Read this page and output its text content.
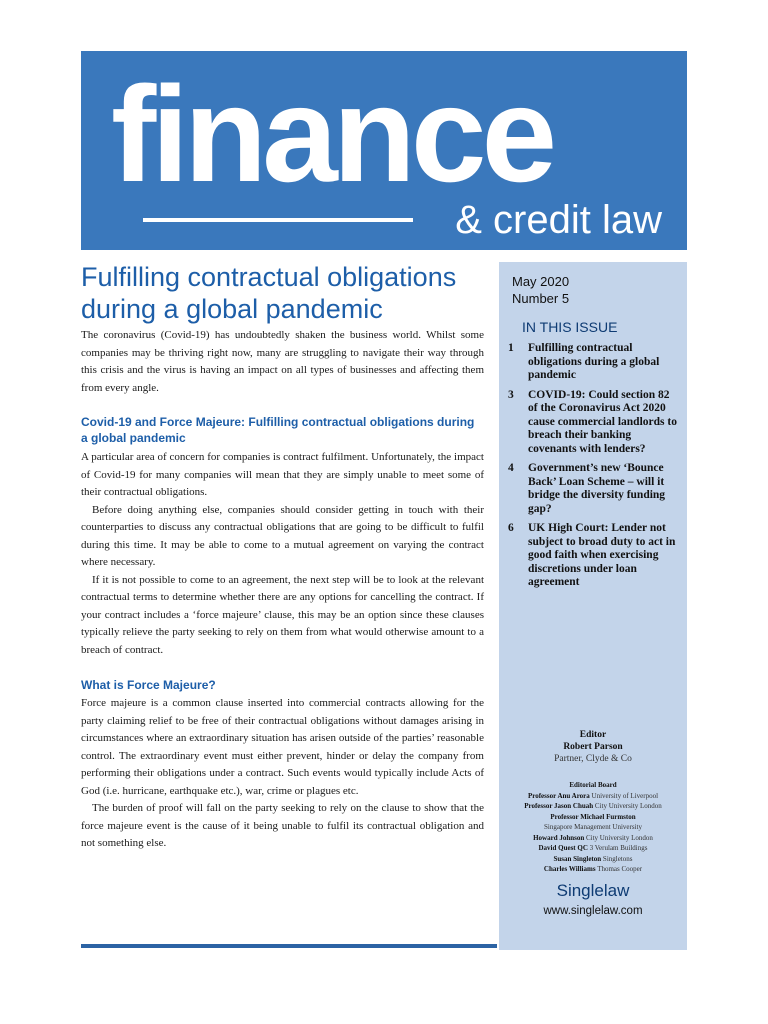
finance
& credit law
Fulfilling contractual obligations during a global pandemic

The coronavirus (Covid-19) has undoubtedly shaken the business world. Whilst some companies may be thriving right now, many are struggling to navigate their way through this crisis and the virus is having an impact on all types of businesses and affecting them from every angle.

Covid-19 and Force Majeure: Fulfilling contractual obligations during a global pandemic

A particular area of concern for companies is contract fulfilment. Unfortunately, the impact of Covid-19 for many companies will mean that they are simply unable to meet some of their contractual obligations.

Before doing anything else, companies should consider getting in touch with their counterparties to discuss any contractual obligations that are going to be difficult to fulfil during this time. It may be able to come to a mutual agreement on varying the contract where necessary.

If it is not possible to come to an agreement, the next step will be to look at the relevant contractual terms to determine whether there are any options for cancelling the contract. If your contract includes a ‘force majeure’ clause, this may be an option since these clauses typically relieve the party seeking to rely on them from what would otherwise amount to a breach of contract.

What is Force Majeure?

Force majeure is a common clause inserted into commercial contracts allowing for the party claiming relief to be free of their contractual obligations without damages arising in circumstances where an extraordinary situation has arisen outside of the parties’ reasonable control. The extraordinary event must either prevent, hinder or delay the company from performing their obligations under a contract. Such events would typically include Acts of God (i.e. hurricane, earthquake etc.), war, crime or plagues etc.

The burden of proof will fall on the party seeking to rely on the clause to show that the force majeure event is the cause of it being unable to fulfil its contractual obligation and not something else.

May 2020
Number 5
IN THIS ISSUE
1	Fulfilling contractual obligations during a global pandemic
3	COVID-19: Could section 82 of the Coronavirus Act 2020 cause commercial landlords to breach their banking covenants with lenders?
4	Government’s new ‘Bounce Back’ Loan Scheme – will it bridge the diversity funding gap?
6	UK High Court: Lender not subject to broad duty to act in good faith when exercising discretions under loan agreement
Editor
Robert Parson
Partner, Clyde & Co
Editorial Board
Professor Anu Arora University of Liverpool
Professor Jason Chuah City University London
Professor Michael Furmston
Singapore Management University
Howard Johnson City University London
David Quest QC 3 Verulam Buildings
Susan Singleton Singletons
Charles Williams Thomas Cooper
Singlelaw
www.singlelaw.com
